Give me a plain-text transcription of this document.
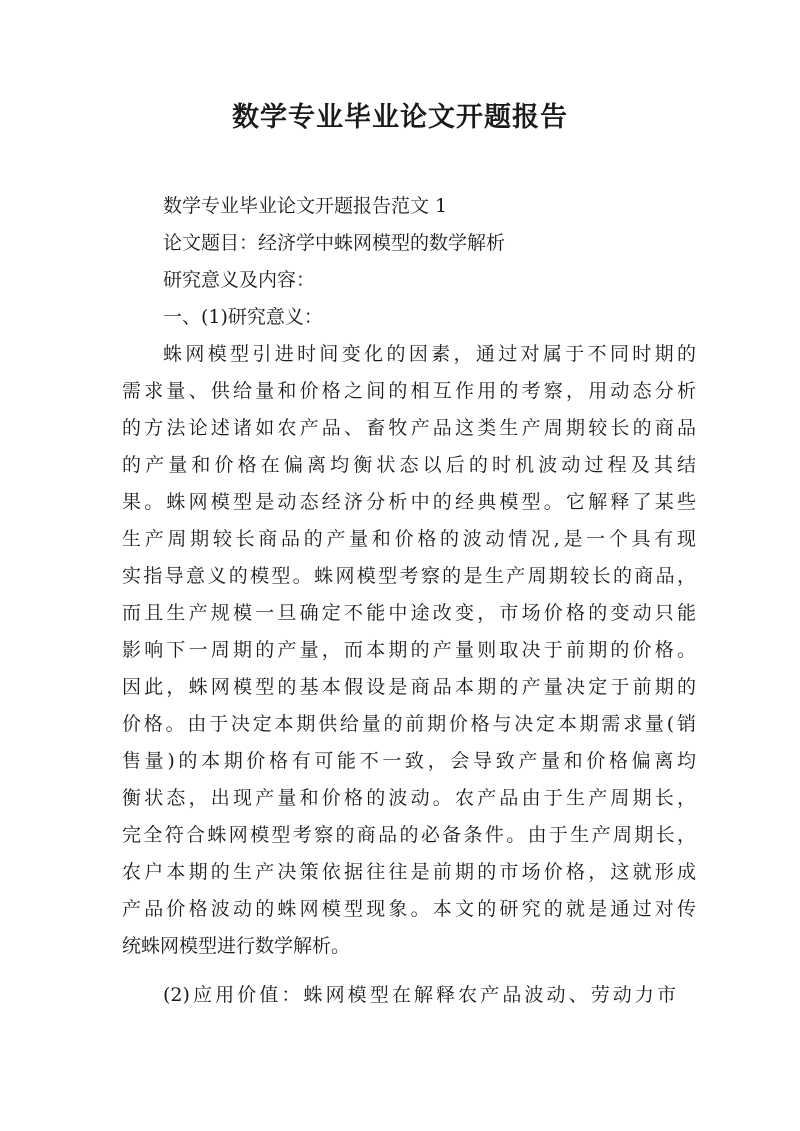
数学专业毕业论文开题报告
数学专业毕业论文开题报告范文 1
论文题目：经济学中蛛网模型的数学解析
研究意义及内容：
一、(1)研究意义：
蛛网模型引进时间变化的因素，通过对属于不同时期的
需求量、供给量和价格之间的相互作用的考察，用动态分析
的方法论述诸如农产品、畜牧产品这类生产周期较长的商品
的产量和价格在偏离均衡状态以后的时机波动过程及其结
果。蛛网模型是动态经济分析中的经典模型。它解释了某些
生产周期较长商品的产量和价格的波动情况,是一个具有现
实指导意义的模型。蛛网模型考察的是生产周期较长的商品，
而且生产规模一旦确定不能中途改变，市场价格的变动只能
影响下一周期的产量，而本期的产量则取决于前期的价格。
因此，蛛网模型的基本假设是商品本期的产量决定于前期的
价格。由于决定本期供给量的前期价格与决定本期需求量(销
售量)的本期价格有可能不一致，会导致产量和价格偏离均
衡状态，出现产量和价格的波动。农产品由于生产周期长，
完全符合蛛网模型考察的商品的必备条件。由于生产周期长，
农户本期的生产决策依据往往是前期的市场价格，这就形成
产品价格波动的蛛网模型现象。本文的研究的就是通过对传
统蛛网模型进行数学解析。
(2)应用价值：蛛网模型在解释农产品波动、劳动力市
